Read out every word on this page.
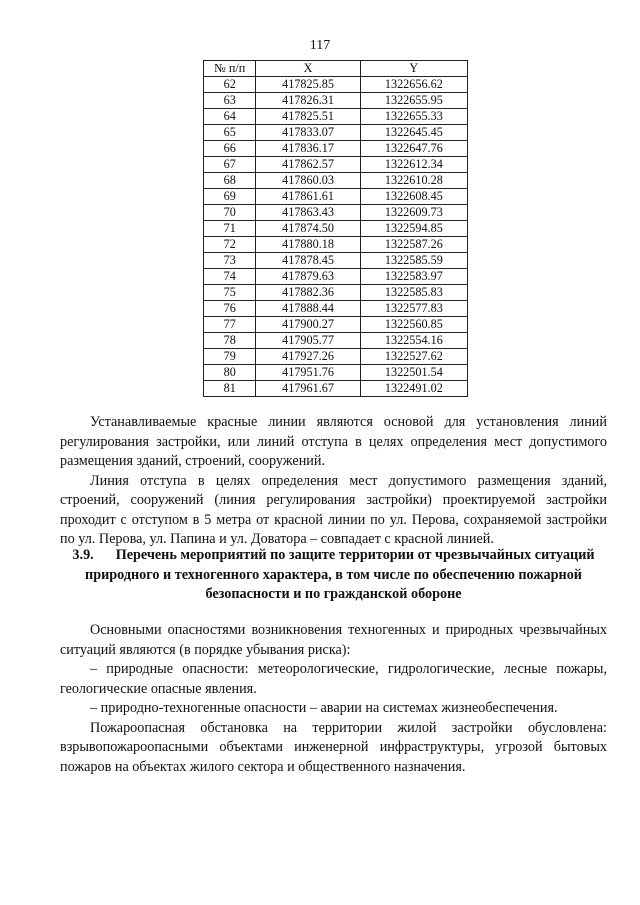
117
№ п/п	X	Y
62	417825.85	1322656.62
63	417826.31	1322655.95
64	417825.51	1322655.33
65	417833.07	1322645.45
66	417836.17	1322647.76
67	417862.57	1322612.34
68	417860.03	1322610.28
69	417861.61	1322608.45
70	417863.43	1322609.73
71	417874.50	1322594.85
72	417880.18	1322587.26
73	417878.45	1322585.59
74	417879.63	1322583.97
75	417882.36	1322585.83
76	417888.44	1322577.83
77	417900.27	1322560.85
78	417905.77	1322554.16
79	417927.26	1322527.62
80	417951.76	1322501.54
81	417961.67	1322491.02

Устанавливаемые красные линии являются основой для установления линий регулирования застройки, или линий отступа в целях определения мест допустимого размещения зданий, строений, сооружений.

Линия отступа в целях определения мест допустимого размещения зданий, строений, сооружений (линия регулирования застройки) проектируемой застройки проходит с отступом в 5 метра от красной линии по ул. Перова, сохраняемой застройки по ул. Перова, ул. Папина и ул. Доватора – совпадает с красной линией.

3.9. Перечень мероприятий по защите территории от чрезвычайных ситуаций природного и техногенного характера, в том числе по обеспечению пожарной безопасности и по гражданской обороне

Основными опасностями возникновения техногенных и природных чрезвычайных ситуаций являются (в порядке убывания риска):

– природные опасности: метеорологические, гидрологические, лесные пожары, геологические опасные явления.

– природно-техногенные опасности – аварии на системах жизнеобеспечения.

Пожароопасная обстановка на территории жилой застройки обусловлена: взрывопожароопасными объектами инженерной инфраструктуры, угрозой бытовых пожаров на объектах жилого сектора и общественного назначения.
